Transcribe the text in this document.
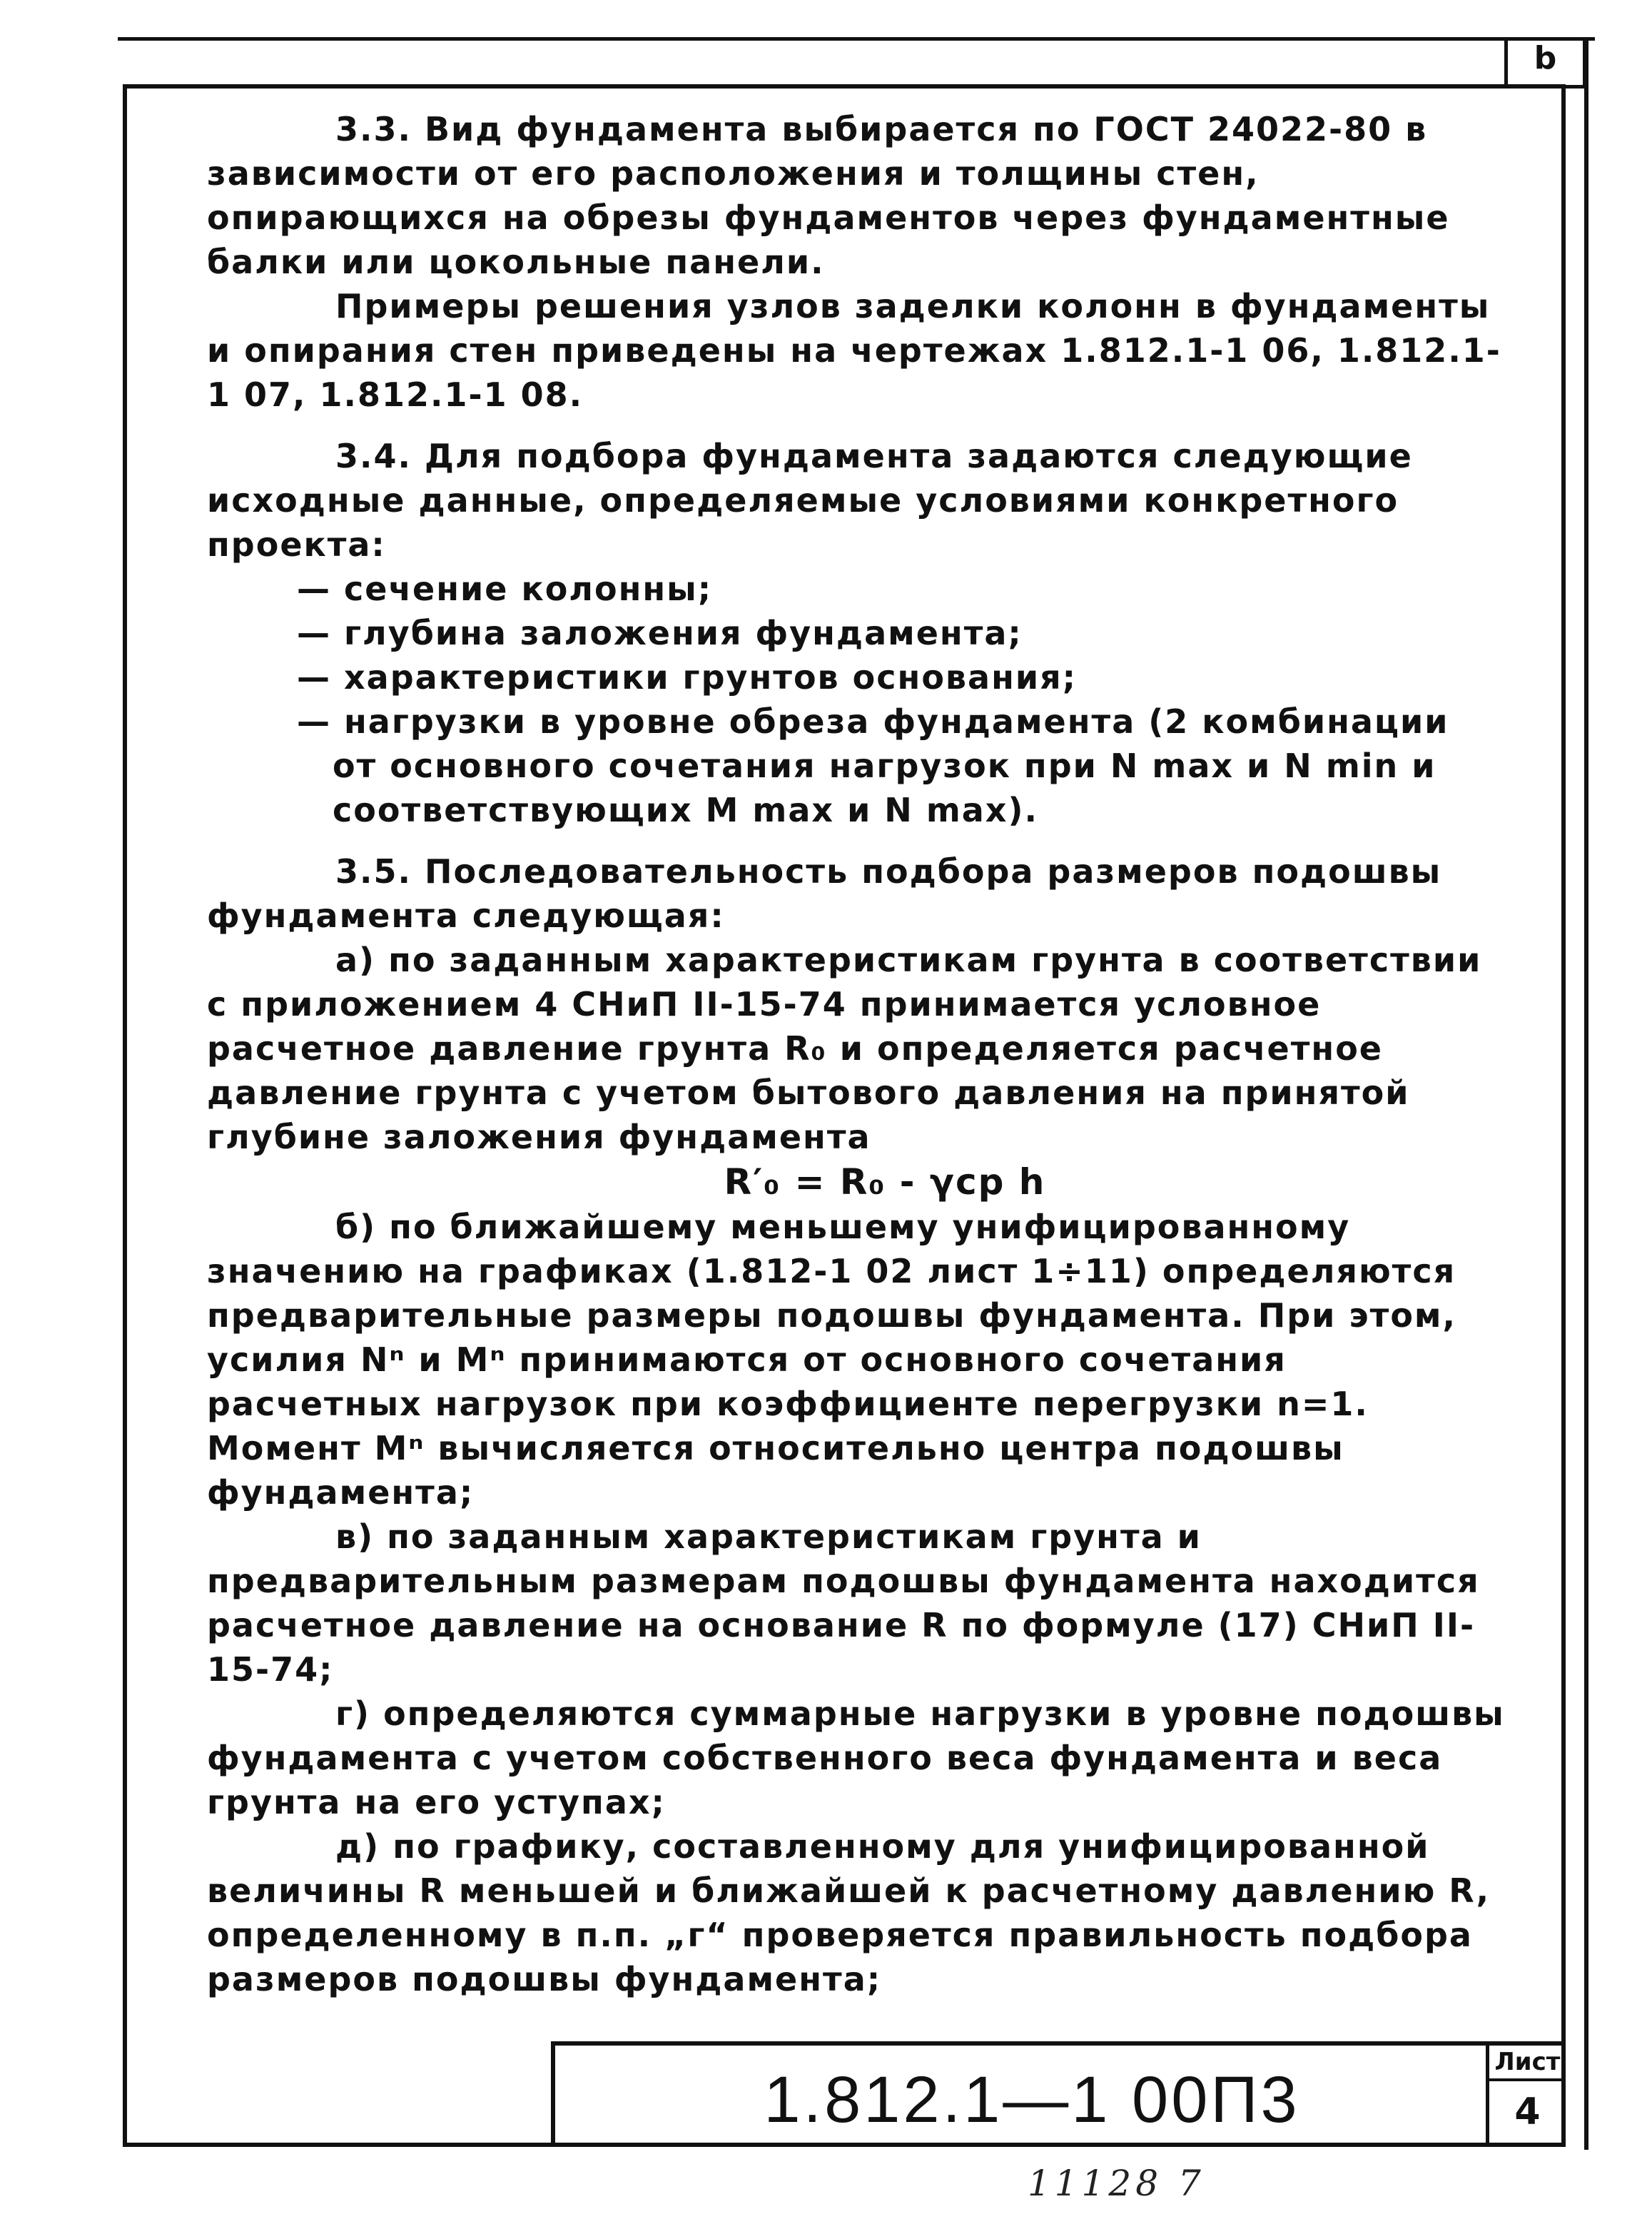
b

3.3. Вид фундамента выбирается по ГОСТ 24022-80 в зависимости от его расположения и толщины стен, опирающихся на обрезы фундаментов через фундаментные балки или цокольные панели.

Примеры решения узлов заделки колонн в фундаменты и опирания стен приведены на чертежах 1.812.1-1 06, 1.812.1-1 07, 1.812.1-1 08.

3.4. Для подбора фундамента задаются следующие исходные данные, определяемые условиями конкретного проекта:

— сечение колонны;

— глубина заложения фундамента;

— характеристики грунтов основания;

— нагрузки в уровне обреза фундамента (2 комбинации от основного сочетания нагрузок при N max и N min и соответствующих M max и N max).

3.5. Последовательность подбора размеров подошвы фундамента следующая:

а) по заданным характеристикам грунта в соответствии с приложением 4 СНиП II-15-74 принимается условное расчетное давление грунта R₀ и определяется расчетное давление грунта с учетом бытового давления на принятой глубине заложения фундамента

R′₀ = R₀ - γср h

б) по ближайшему меньшему унифицированному значению на графиках (1.812-1 02 лист 1÷11) определяются предварительные размеры подошвы фундамента. При этом, усилия Nⁿ и Mⁿ принимаются от основного сочетания расчетных нагрузок при коэффициенте перегрузки n=1. Момент Mⁿ вычисляется относительно центра подошвы фундамента;

в) по заданным характеристикам грунта и предварительным размерам подошвы фундамента находится расчетное давление на основание R по формуле (17) СНиП II-15-74;

г) определяются суммарные нагрузки в уровне подошвы фундамента с учетом собственного веса фундамента и веса грунта на его уступах;

д) по графику, составленному для унифицированной величины R меньшей и ближайшей к расчетному давлению R, определенному в п.п. „г“ проверяется правильность подбора размеров подошвы фундамента;

1.812.1—1 00П3
Лист
4
11128 7
